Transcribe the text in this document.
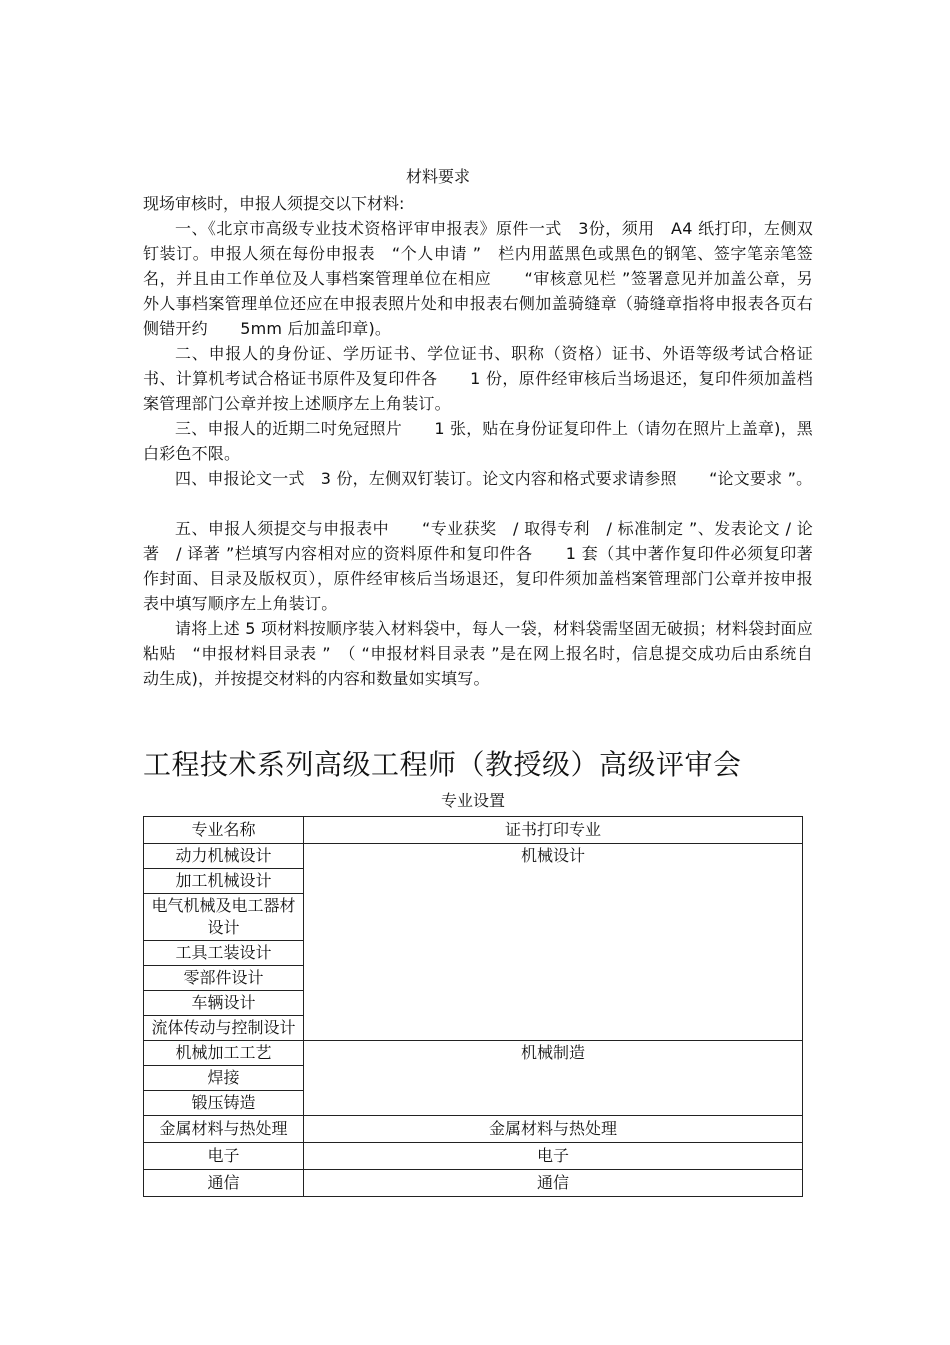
材料要求
现场审核时，申报人须提交以下材料:

一、《北京市高级专业技术资格评审申报表》原件一式　3份，须用　A4 纸打印，左侧双钉装订。申报人须在每份申报表　“个人申请 ”　栏内用蓝黑色或黑色的钢笔、签字笔亲笔签名，并且由工作单位及人事档案管理单位在相应　　“审核意见栏 ”签署意见并加盖公章，另外人事档案管理单位还应在申报表照片处和申报表右侧加盖骑缝章（骑缝章指将申报表各页右侧错开约　　5mm 后加盖印章)。

二、申报人的身份证、学历证书、学位证书、职称（资格）证书、外语等级考试合格证书、计算机考试合格证书原件及复印件各　　1 份，原件经审核后当场退还，复印件须加盖档案管理部门公章并按上述顺序左上角装订。

三、申报人的近期二吋免冠照片　　1 张，贴在身份证复印件上（请勿在照片上盖章)，黑白彩色不限。

四、申报论文一式　3 份，左侧双钉装订。论文内容和格式要求请参照　　“论文要求 ”。

五、申报人须提交与申报表中　　“专业获奖　/ 取得专利　/ 标准制定 ”、发表论文 / 论著　/ 译著 ”栏填写内容相对应的资料原件和复印件各　　1 套（其中著作复印件必须复印著作封面、目录及版权页），原件经审核后当场退还，复印件须加盖档案管理部门公章并按申报表中填写顺序左上角装订。

请将上述 5 项材料按顺序装入材料袋中，每人一袋，材料袋需坚固无破损；材料袋封面应粘贴　“申报材料目录表 ”　（ “申报材料目录表 ”是在网上报名时，信息提交成功后由系统自动生成)，并按提交材料的内容和数量如实填写。

工程技术系列高级工程师（教授级）高级评审会
专业设置
专业名称	证书打印专业
动力机械设计	机械设计
加工机械设计	
电气机械及电工器材设计	
工具工装设计	
零部件设计	
车辆设计	
流体传动与控制设计	
机械加工工艺	机械制造
焊接	
锻压铸造	
金属材料与热处理	金属材料与热处理
电子	电子
通信	通信
